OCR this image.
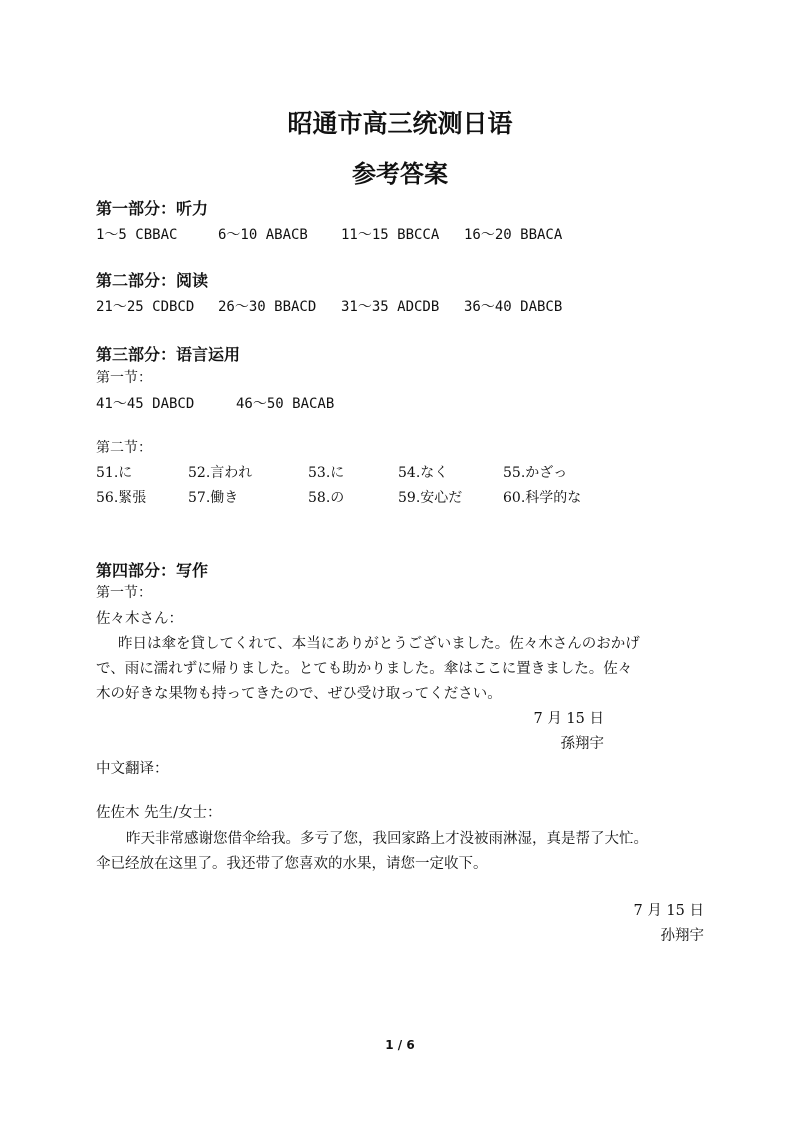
昭通市高三统测日语
参考答案
第一部分：听力
1～5 CBBAC	6～10 ABACB 11～15 BBCCA 16～20 BBACA
第二部分：阅读
21～25 CDBCD 26～30 BBACD 31～35 ADCDB 36～40 DABCB
第三部分：语言运用
第一节：
41～45 DABCD	46～50 BACAB
第二节：
51.に	52.言われ	53.に	54.なく	55.かざっ
56.緊張	57.働き	58.の	59.安心だ	60.科学的な
第四部分：写作
第一节：
佐々木さん：
昨日は傘を貸してくれて、本当にありがとうございました。佐々木さんのおかげ
で、雨に濡れずに帰りました。とても助かりました。傘はここに置きました。佐々
木の好きな果物も持ってきたので、ぜひ受け取ってください。
7 月 15 日
孫翔宇
中文翻译：
佐佐木 先生/女士：
昨天非常感谢您借伞给我。多亏了您，我回家路上才没被雨淋湿，真是帮了大忙。
伞已经放在这里了。我还带了您喜欢的水果，请您一定收下。
7 月 15 日
孙翔宇
1 / 6
